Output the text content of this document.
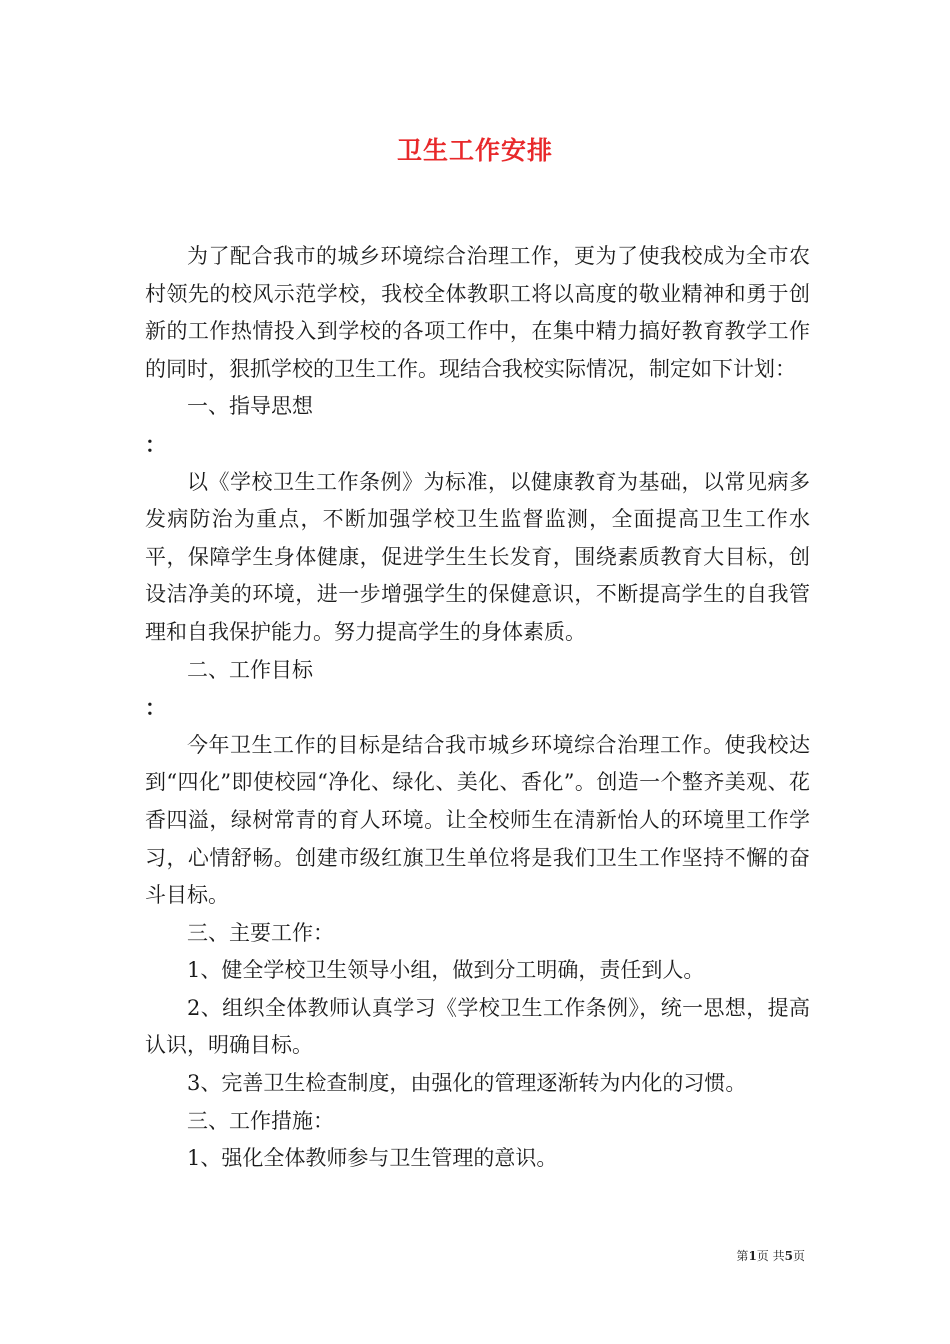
卫生工作安排

为了配合我市的城乡环境综合治理工作，更为了使我校成为全市农村领先的校风示范学校，我校全体教职工将以高度的敬业精神和勇于创新的工作热情投入到学校的各项工作中，在集中精力搞好教育教学工作的同时，狠抓学校的卫生工作。现结合我校实际情况，制定如下计划：

一、指导思想

：

以《学校卫生工作条例》为标准，以健康教育为基础，以常见病多发病防治为重点，不断加强学校卫生监督监测，全面提高卫生工作水平，保障学生身体健康，促进学生生长发育，围绕素质教育大目标，创设洁净美的环境，进一步增强学生的保健意识，不断提高学生的自我管理和自我保护能力。努力提高学生的身体素质。

二、工作目标

：

今年卫生工作的目标是结合我市城乡环境综合治理工作。使我校达到“四化”即使校园“净化、绿化、美化、香化”。创造一个整齐美观、花香四溢，绿树常青的育人环境。让全校师生在清新怡人的环境里工作学习，心情舒畅。创建市级红旗卫生单位将是我们卫生工作坚持不懈的奋斗目标。

三、主要工作：

1、健全学校卫生领导小组，做到分工明确，责任到人。

2、组织全体教师认真学习《学校卫生工作条例》，统一思想，提高认识，明确目标。

3、完善卫生检查制度，由强化的管理逐渐转为内化的习惯。

三、工作措施：

1、强化全体教师参与卫生管理的意识。

第1页 共5页
